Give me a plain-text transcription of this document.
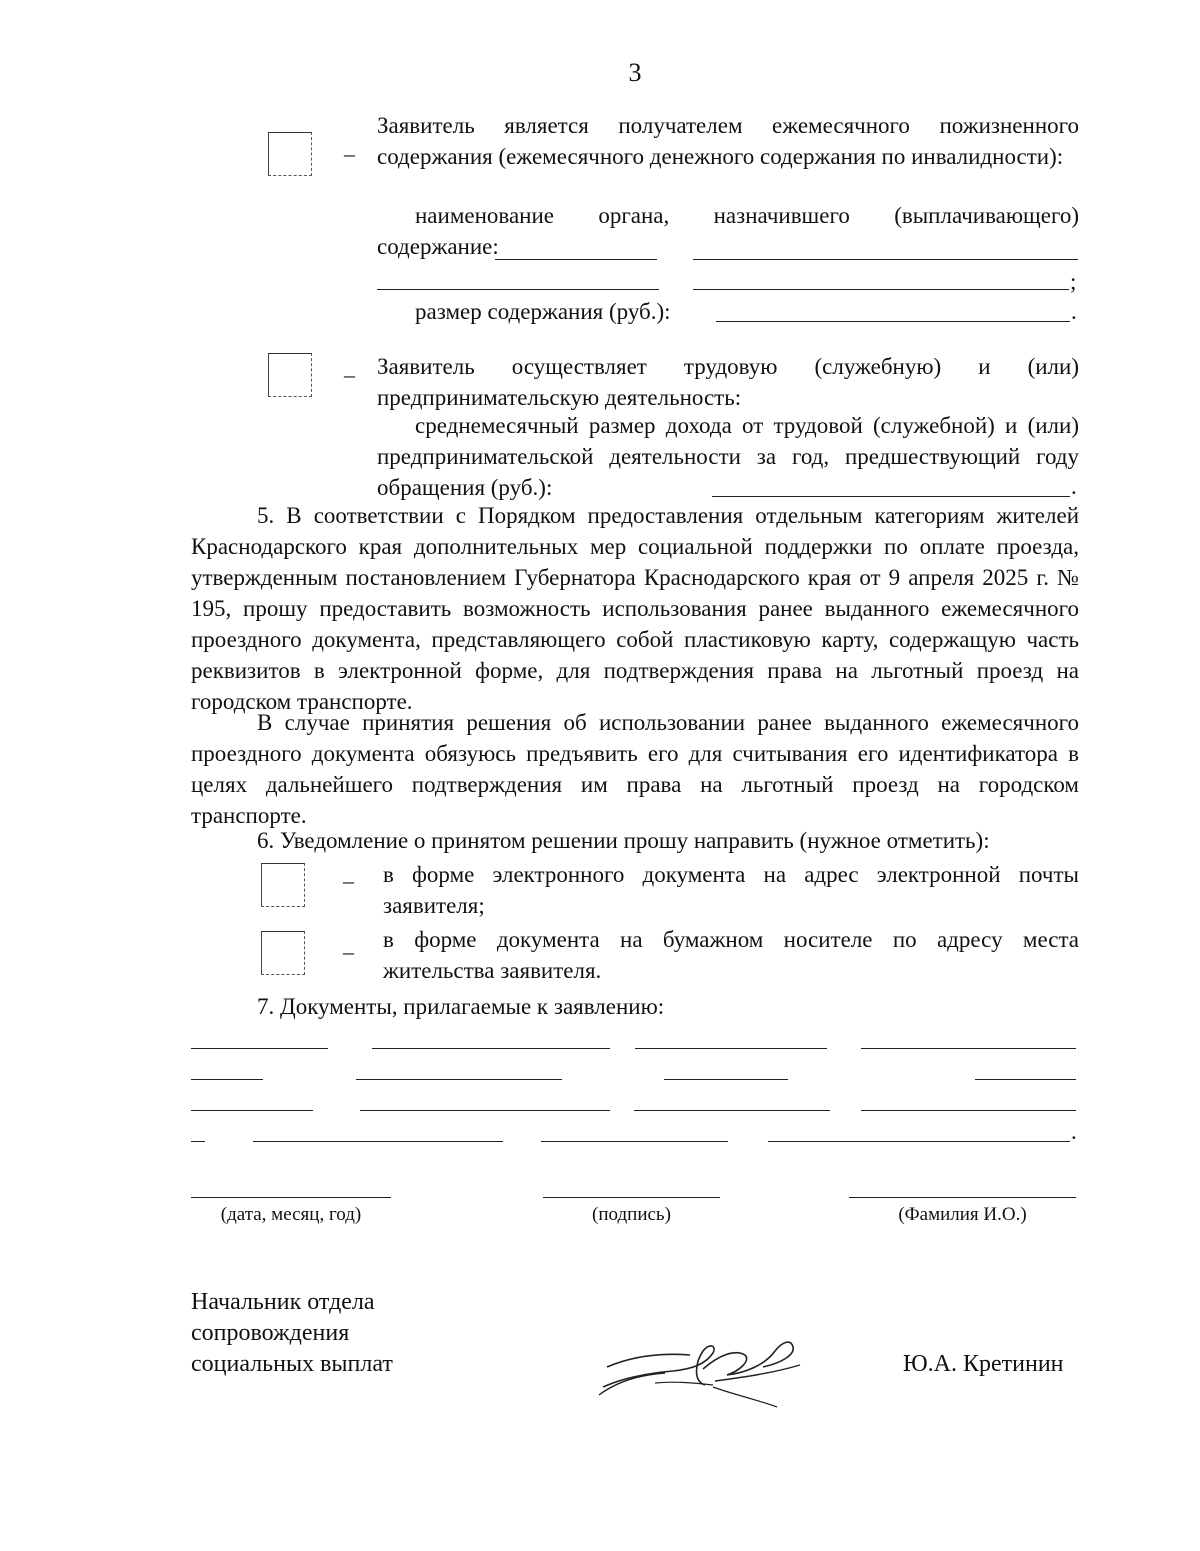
3
–
Заявитель является получателем ежемесячного пожизненного содержания (ежемесячного денежного содержания по инвалидности):
наименование органа, назначившего (выплачивающего) содержание:
;
размер содержания (руб.):	.
– Заявитель осуществляет трудовую (служебную) и (или) предпринимательскую деятельность:
среднемесячный размер дохода от трудовой (служебной) и (или) предпринимательской деятельности за год, предшествующий году обращения (руб.):	.
5. В соответствии с Порядком предоставления отдельным категориям жителей Краснодарского края дополнительных мер социальной поддержки по оплате проезда, утвержденным постановлением Губернатора Краснодарского края от 9 апреля 2025 г. № 195, прошу предоставить возможность использования ранее выданного ежемесячного проездного документа, представляющего собой пластиковую карту, содержащую часть реквизитов в электронной форме, для подтверждения права на льготный проезд на городском транспорте.
В случае принятия решения об использовании ранее выданного ежемесячного проездного документа обязуюсь предъявить его для считывания его идентификатора в целях дальнейшего подтверждения им права на льготный проезд на городском транспорте.
6. Уведомление о принятом решении прошу направить (нужное отметить):
– в форме электронного документа на адрес электронной почты заявителя;
– в форме документа на бумажном носителе по адресу места жительства заявителя.
7. Документы, прилагаемые к заявлению:
.
(дата, месяц, год)	(подпись)	(Фамилия И.О.)
Начальник отдела
сопровождения
социальных выплат	Ю.А. Кретинин
